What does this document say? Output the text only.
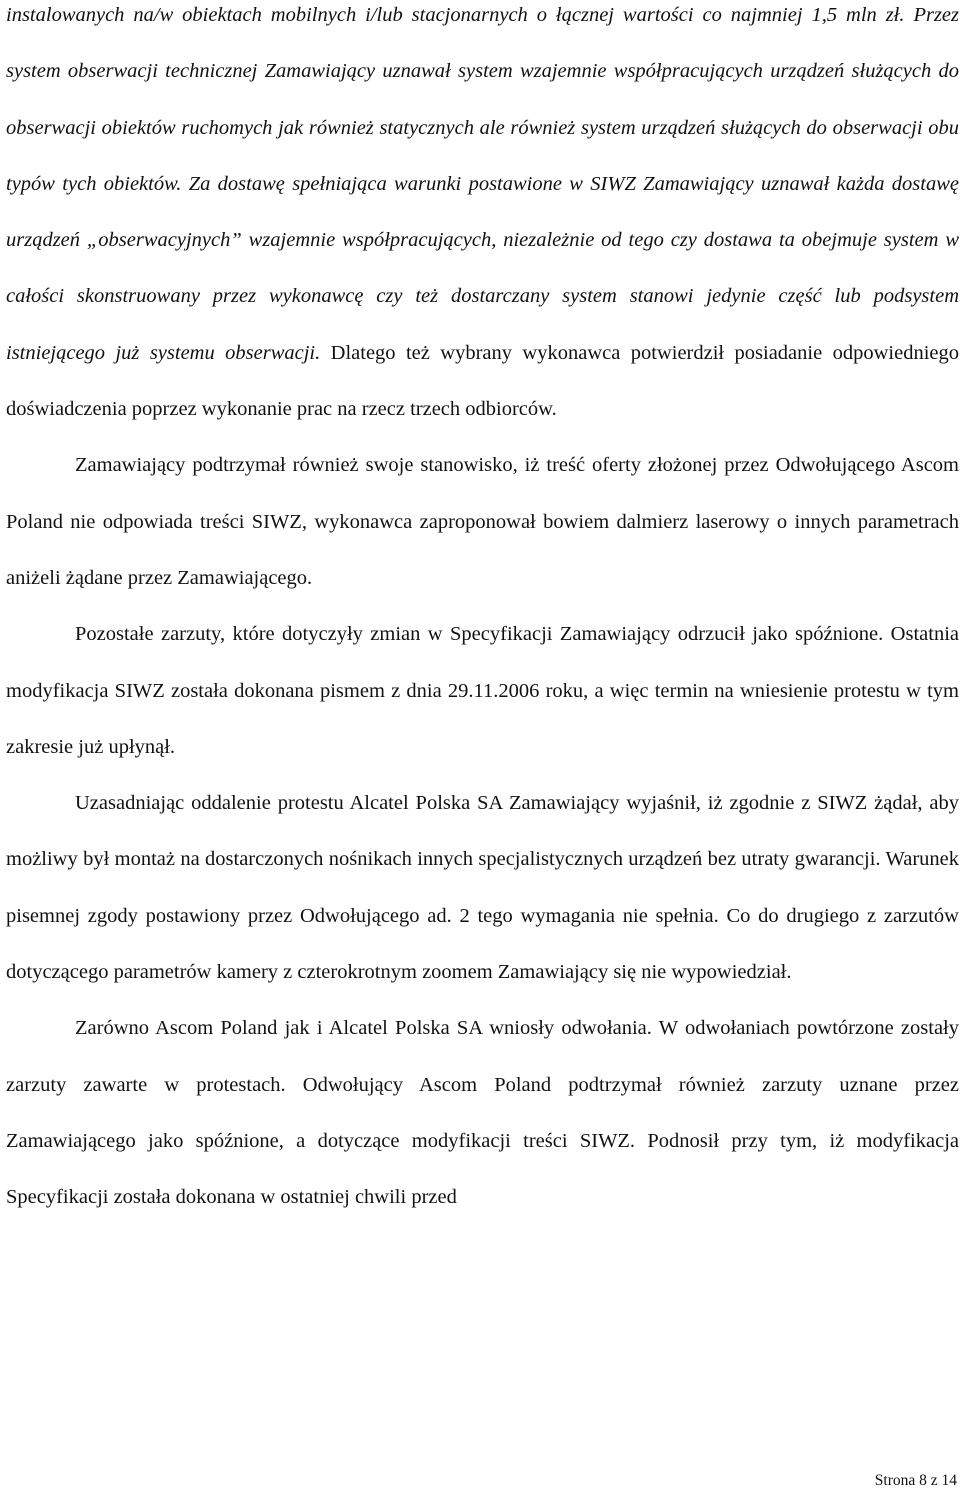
instalowanych na/w obiektach mobilnych i/lub stacjonarnych o łącznej wartości co najmniej 1,5 mln zł. Przez system obserwacji technicznej Zamawiający uznawał system wzajemnie współpracujących urządzeń służących do obserwacji obiektów ruchomych jak również statycznych ale również system urządzeń służących do obserwacji obu typów tych obiektów. Za dostawę spełniająca warunki postawione w SIWZ Zamawiający uznawał każda dostawę urządzeń „obserwacyjnych” wzajemnie współpracujących, niezależnie od tego czy dostawa ta obejmuje system w całości skonstruowany przez wykonawcę czy też dostarczany system stanowi jedynie część lub podsystem istniejącego już systemu obserwacji. Dlatego też wybrany wykonawca potwierdził posiadanie odpowiedniego doświadczenia poprzez wykonanie prac na rzecz trzech odbiorców.

Zamawiający podtrzymał również swoje stanowisko, iż treść oferty złożonej przez Odwołującego Ascom Poland nie odpowiada treści SIWZ, wykonawca zaproponował bowiem dalmierz laserowy o innych parametrach aniżeli żądane przez Zamawiającego.

Pozostałe zarzuty, które dotyczyły zmian w Specyfikacji Zamawiający odrzucił jako spóźnione. Ostatnia modyfikacja SIWZ została dokonana pismem z dnia 29.11.2006 roku, a więc termin na wniesienie protestu w tym zakresie już upłynął.

Uzasadniając oddalenie protestu Alcatel Polska SA Zamawiający wyjaśnił, iż zgodnie z SIWZ żądał, aby możliwy był montaż na dostarczonych nośnikach innych specjalistycznych urządzeń bez utraty gwarancji. Warunek pisemnej zgody postawiony przez Odwołującego ad. 2 tego wymagania nie spełnia. Co do drugiego z zarzutów dotyczącego parametrów kamery z czterokrotnym zoomem Zamawiający się nie wypowiedział.

Zarówno Ascom Poland jak i Alcatel Polska SA wniosły odwołania. W odwołaniach powtórzone zostały zarzuty zawarte w protestach. Odwołujący Ascom Poland podtrzymał również zarzuty uznane przez Zamawiającego jako spóźnione, a dotyczące modyfikacji treści SIWZ. Podnosił przy tym, iż modyfikacja Specyfikacji została dokonana w ostatniej chwili przed

Strona 8 z 14
